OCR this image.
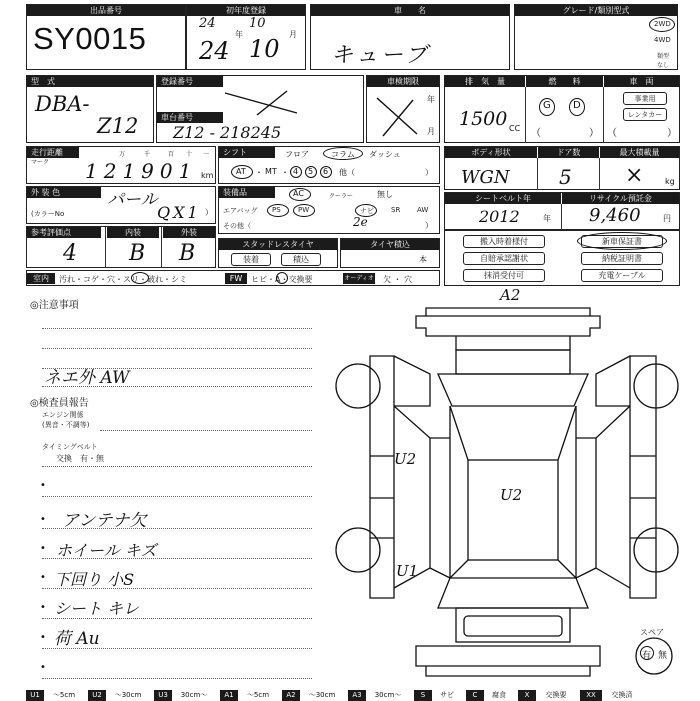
出品番号
SY0015
初年度登録
24
年
10
月
24 10
車　　名
キューブ
グレード/類別型式
2WD
4WD
類型
なし
型　式
DBA-
Z12
登録番号
車台番号
Z12 - 218245
車検期限
年
月
排　気　量	燃　　料	車　両
1500 CC
G D
（	）
事業用
レンタカー
（	）
走行距離
マーク
万	千	百 十 一
121901 km
シフト	フロア	コラム ダッシュ
AT ・ MT ・ 4 5 6 他（	）
ボディ形状	ドア数	最大積載量
WGN 5 ×	kg
外 装 色	パール
(カラーNo	QX1 ）
装備品	AC	クーラー	無し
エアバッグ PS PW	ナビ SR AW
その他（	2e	）
シートベルト年	リサイクル預託金
2012	年 9,460	円
参考評価点	内装	外装
4 B B	スタッドレスタイヤ
装着	積込
タイヤ積込
本
搬入時着様付	新車保証書
自賠承認謝状	納税証明書
抹消受付可	充電ケーブル
室内	汚れ・コゲ・穴・スリ・破れ・シミ	FW	ヒビ・A・交換要	オーディオ 欠 ・ 穴
◎注意事項
ネエ外 AW
◎検査員報告
エンジン関係
(異音・不調等)
タイミングベルト
交換　有・無
•
• アンテナ欠
• ホイール キズ
• 下回り 小S
• シート キレ
• 荷 Au
•
A2
U2
U2
U1
スペア
有 無
U1	～5cm	U2	～30cm	U3	30cm～	A1	～5cm	A2	～30cm	A3	30cm～	S	サビ	C	腐食	X	交換要	XX	交換済
